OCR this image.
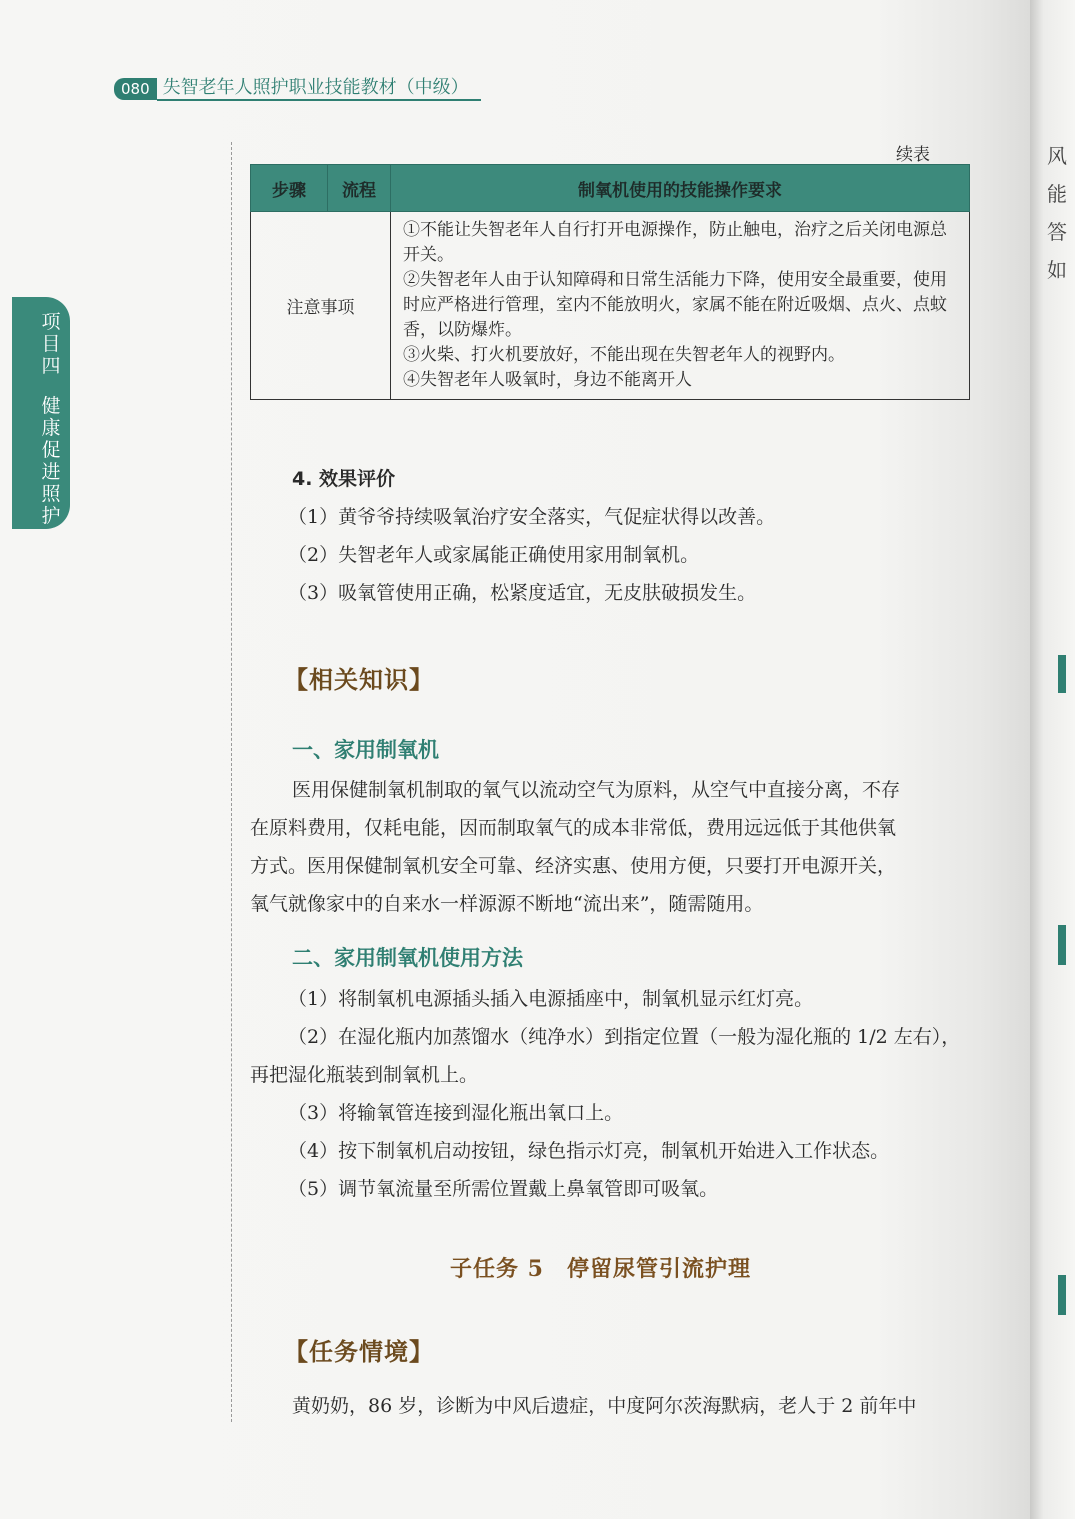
080 失智老年人照护职业技能教材（中级）
项目四
健康促进照护
续表
步骤	流程	制氧机使用的技能操作要求
注意事项		①不能让失智老年人自行打开电源操作，防止触电，治疗之后关闭电源总开关。
②失智老年人由于认知障碍和日常生活能力下降，使用安全最重要，使用时应严格进行管理，室内不能放明火，家属不能在附近吸烟、点火、点蚊香，以防爆炸。
③火柴、打火机要放好，不能出现在失智老年人的视野内。
④失智老年人吸氧时，身边不能离开人
4. 效果评价
（1）黄爷爷持续吸氧治疗安全落实，气促症状得以改善。
（2）失智老年人或家属能正确使用家用制氧机。
（3）吸氧管使用正确，松紧度适宜，无皮肤破损发生。
【相关知识】
一、家用制氧机
医用保健制氧机制取的氧气以流动空气为原料，从空气中直接分离，不存
在原料费用，仅耗电能，因而制取氧气的成本非常低，费用远远低于其他供氧
方式。医用保健制氧机安全可靠、经济实惠、使用方便，只要打开电源开关，
氧气就像家中的自来水一样源源不断地“流出来”，随需随用。
二、家用制氧机使用方法
（1）将制氧机电源插头插入电源插座中，制氧机显示红灯亮。
（2）在湿化瓶内加蒸馏水（纯净水）到指定位置（一般为湿化瓶的 1/2 左右），
再把湿化瓶装到制氧机上。
（3）将输氧管连接到湿化瓶出氧口上。
（4）按下制氧机启动按钮，绿色指示灯亮，制氧机开始进入工作状态。
（5）调节氧流量至所需位置戴上鼻氧管即可吸氧。
子任务 5　停留尿管引流护理
【任务情境】
黄奶奶，86 岁，诊断为中风后遗症，中度阿尔茨海默病，老人于 2 前年中
风
能
答
如
